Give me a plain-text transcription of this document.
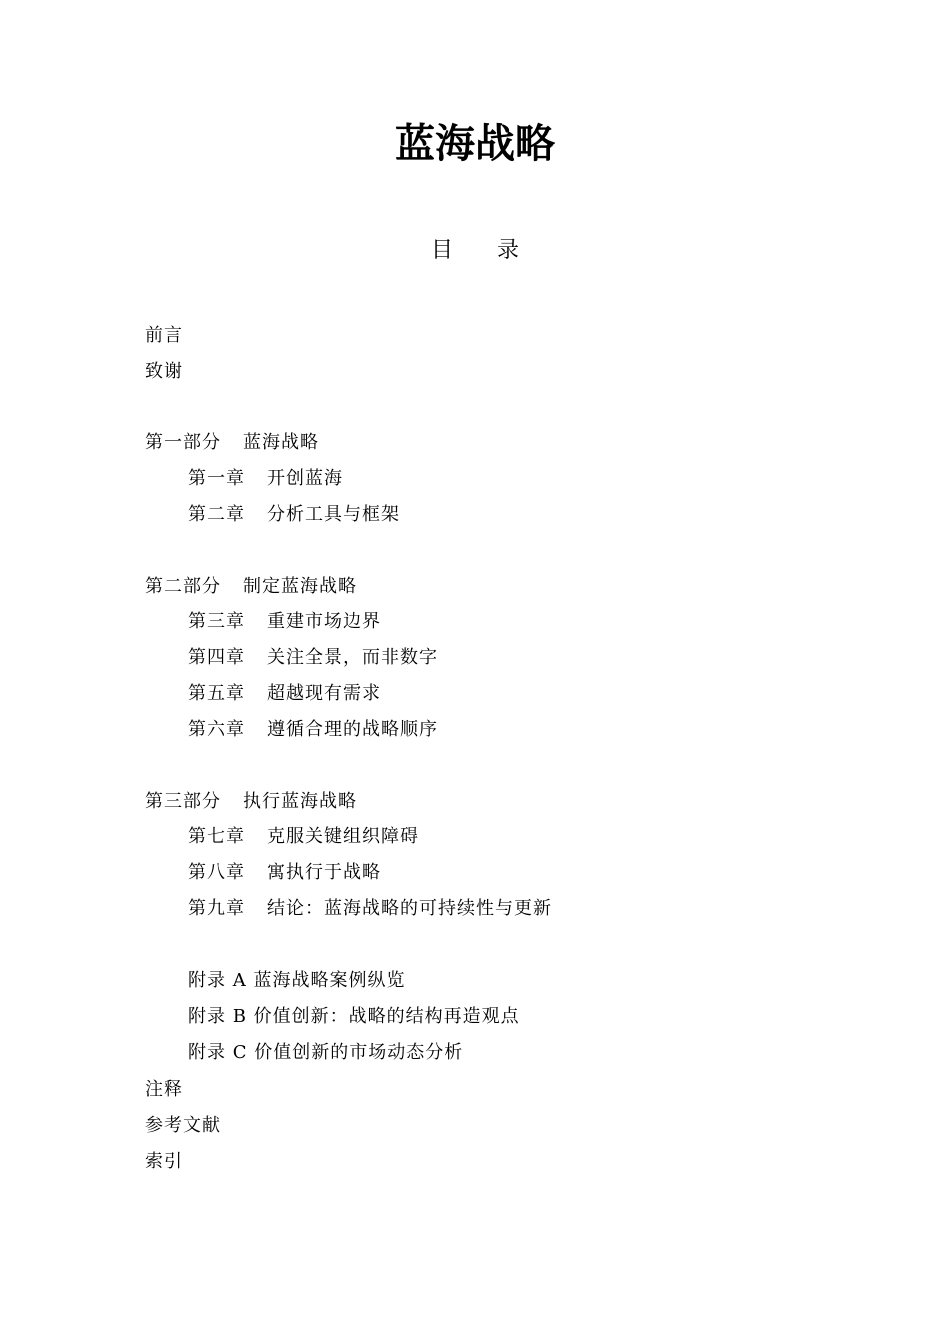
蓝海战略
目录
前言
致谢
第一部分 蓝海战略
第一章 开创蓝海
第二章 分析工具与框架
第二部分 制定蓝海战略
第三章 重建市场边界
第四章 关注全景，而非数字
第五章 超越现有需求
第六章 遵循合理的战略顺序
第三部分 执行蓝海战略
第七章 克服关键组织障碍
第八章 寓执行于战略
第九章 结论：蓝海战略的可持续性与更新
附录 A 蓝海战略案例纵览
附录 B 价值创新：战略的结构再造观点
附录 C 价值创新的市场动态分析
注释
参考文献
索引
